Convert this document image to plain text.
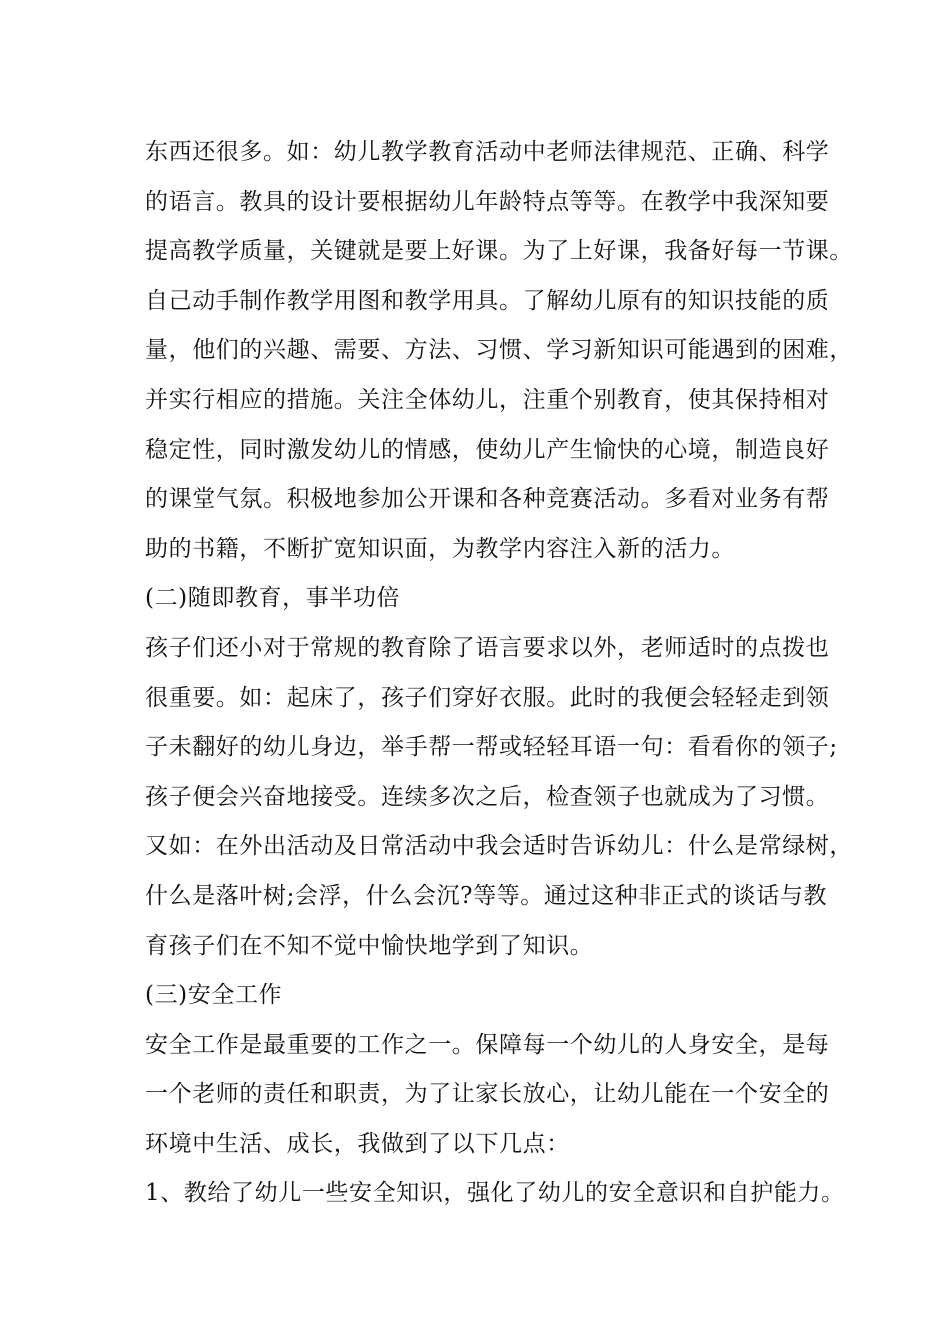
东西还很多。如：幼儿教学教育活动中老师法律规范、正确、科学
的语言。教具的设计要根据幼儿年龄特点等等。在教学中我深知要
提高教学质量，关键就是要上好课。为了上好课，我备好每一节课。
自己动手制作教学用图和教学用具。了解幼儿原有的知识技能的质
量，他们的兴趣、需要、方法、习惯、学习新知识可能遇到的困难，
并实行相应的措施。关注全体幼儿，注重个别教育，使其保持相对
稳定性，同时激发幼儿的情感，使幼儿产生愉快的心境，制造良好
的课堂气氛。积极地参加公开课和各种竞赛活动。多看对业务有帮
助的书籍，不断扩宽知识面，为教学内容注入新的活力。
(二)随即教育，事半功倍
孩子们还小对于常规的教育除了语言要求以外，老师适时的点拨也
很重要。如：起床了，孩子们穿好衣服。此时的我便会轻轻走到领
子未翻好的幼儿身边，举手帮一帮或轻轻耳语一句：看看你的领子;
孩子便会兴奋地接受。连续多次之后，检查领子也就成为了习惯。
又如：在外出活动及日常活动中我会适时告诉幼儿：什么是常绿树，
什么是落叶树;会浮，什么会沉?等等。通过这种非正式的谈话与教
育孩子们在不知不觉中愉快地学到了知识。
(三)安全工作
安全工作是最重要的工作之一。保障每一个幼儿的人身安全，是每
一个老师的责任和职责，为了让家长放心，让幼儿能在一个安全的
环境中生活、成长，我做到了以下几点：
1、教给了幼儿一些安全知识，强化了幼儿的安全意识和自护能力。
